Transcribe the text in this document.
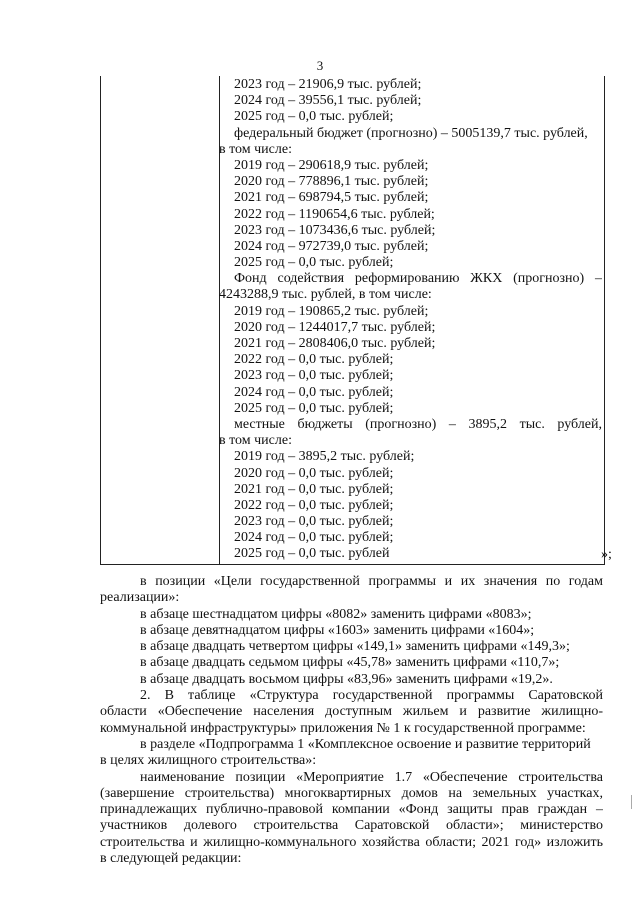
3
2023 год – 21906,9 тыс. рублей;
2024 год – 39556,1 тыс. рублей;
2025 год – 0,0 тыс. рублей;
федеральный бюджет (прогнозно) – 5005139,7 тыс. рублей,
в том числе:
2019 год – 290618,9 тыс. рублей;
2020 год – 778896,1 тыс. рублей;
2021 год – 698794,5 тыс. рублей;
2022 год – 1190654,6 тыс. рублей;
2023 год – 1073436,6 тыс. рублей;
2024 год – 972739,0 тыс. рублей;
2025 год – 0,0 тыс. рублей;
Фонд содействия реформированию ЖКХ (прогнозно) –
4243288,9 тыс. рублей, в том числе:
2019 год – 190865,2 тыс. рублей;
2020 год – 1244017,7 тыс. рублей;
2021 год – 2808406,0 тыс. рублей;
2022 год – 0,0 тыс. рублей;
2023 год – 0,0 тыс. рублей;
2024 год – 0,0 тыс. рублей;
2025 год – 0,0 тыс. рублей;
местные бюджеты (прогнозно) – 3895,2 тыс. рублей,
в том числе:
2019 год – 3895,2 тыс. рублей;
2020 год – 0,0 тыс. рублей;
2021 год – 0,0 тыс. рублей;
2022 год – 0,0 тыс. рублей;
2023 год – 0,0 тыс. рублей;
2024 год – 0,0 тыс. рублей;
2025 год – 0,0 тыс. рублей	»;
в позиции «Цели государственной программы и их значения по годам
реализации»:
в абзаце шестнадцатом цифры «8082» заменить цифрами «8083»;
в абзаце девятнадцатом цифры «1603» заменить цифрами «1604»;
в абзаце двадцать четвертом цифры «149,1» заменить цифрами «149,3»;
в абзаце двадцать седьмом цифры «45,78» заменить цифрами «110,7»;
в абзаце двадцать восьмом цифры «83,96» заменить цифрами «19,2».
2. В таблице «Структура государственной программы Саратовской
области «Обеспечение населения доступным жильем и развитие жилищно-
коммунальной инфраструктуры» приложения № 1 к государственной программе:
в разделе «Подпрограмма 1 «Комплексное освоение и развитие территорий
в целях жилищного строительства»:
наименование позиции «Мероприятие 1.7 «Обеспечение строительства
(завершение строительства) многоквартирных домов на земельных участках,
принадлежащих публично-правовой компании «Фонд защиты прав граждан –
участников долевого строительства Саратовской области»; министерство
строительства и жилищно-коммунального хозяйства области; 2021 год» изложить
в следующей редакции:
